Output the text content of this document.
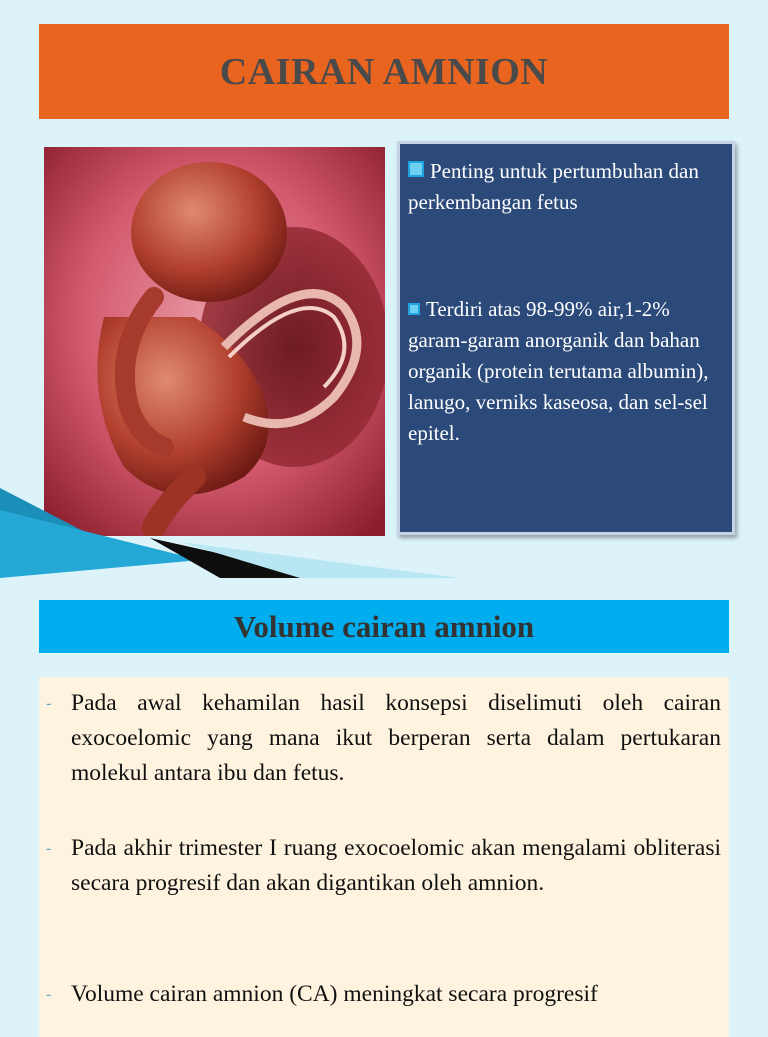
CAIRAN AMNION

Penting untuk pertumbuhan dan perkembangan fetus

Terdiri atas 98-99% air,1-2% garam-garam anorganik dan bahan organik (protein terutama albumin), lanugo, verniks kaseosa, dan sel-sel epitel.

Volume cairan amnion
- Pada awal kehamilan hasil konsepsi diselimuti oleh cairan exocoelomic yang mana ikut berperan serta dalam pertukaran molekul antara ibu dan fetus.

- Pada akhir trimester I ruang exocoelomic akan mengalami obliterasi secara progresif dan akan digantikan oleh amnion.

- Volume cairan amnion (CA) meningkat secara progresif
